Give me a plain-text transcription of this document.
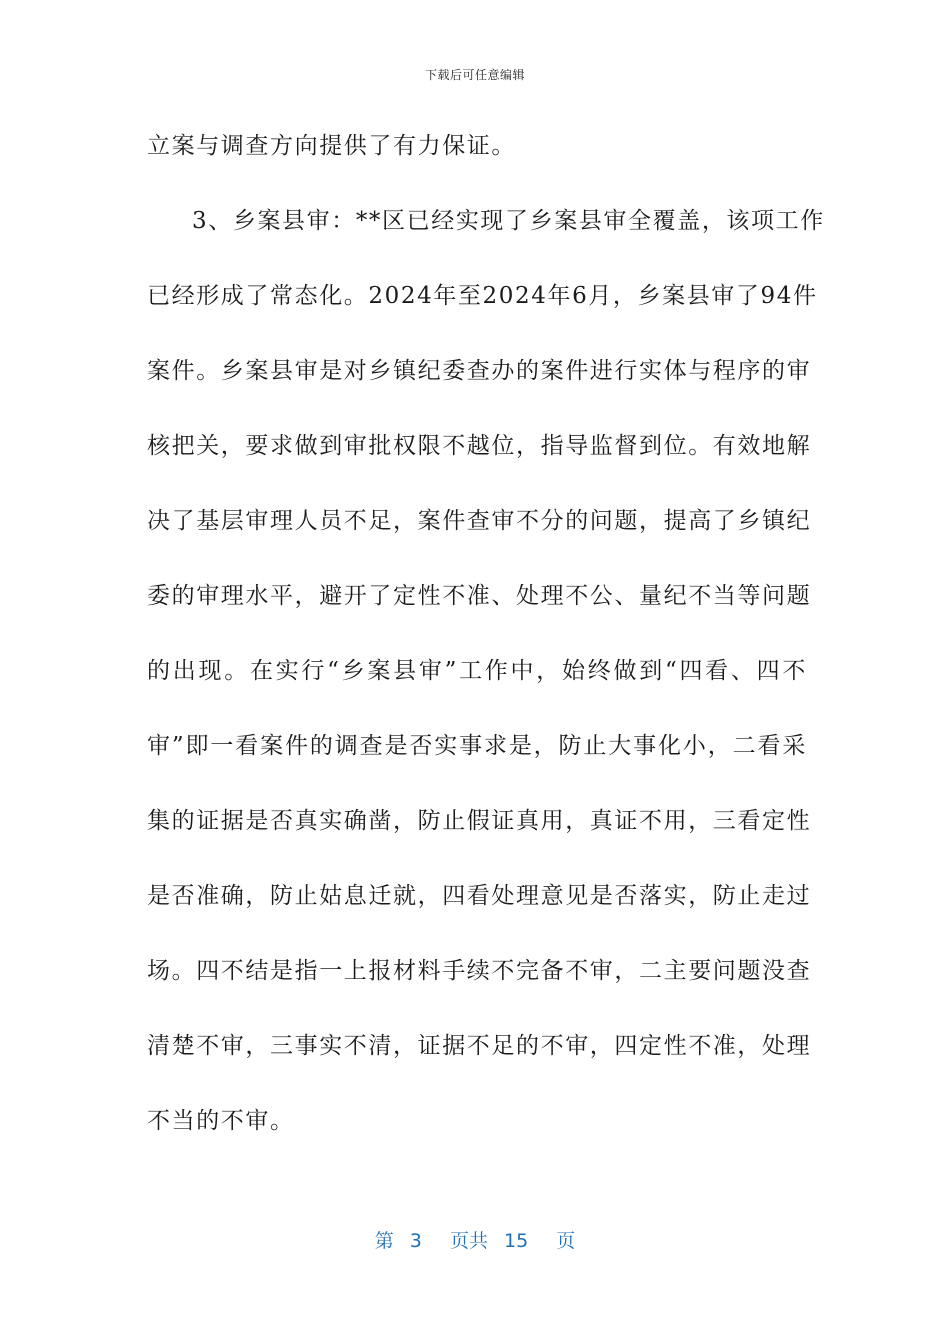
下载后可任意编辑
立案与调查方向提供了有力保证。
3、乡案县审：**区已经实现了乡案县审全覆盖，该项工作
已经形成了常态化。2024年至2024年6月，乡案县审了94件
案件。乡案县审是对乡镇纪委查办的案件进行实体与程序的审
核把关，要求做到审批权限不越位，指导监督到位。有效地解
决了基层审理人员不足，案件查审不分的问题，提高了乡镇纪
委的审理水平，避开了定性不准、处理不公、量纪不当等问题
的出现。在实行“乡案县审”工作中，始终做到“四看、四不
审”即一看案件的调查是否实事求是，防止大事化小，二看采
集的证据是否真实确凿，防止假证真用，真证不用，三看定性
是否准确，防止姑息迁就，四看处理意见是否落实，防止走过
场。四不结是指一上报材料手续不完备不审，二主要问题没查
清楚不审，三事实不清，证据不足的不审，四定性不准，处理
不当的不审。
第 3 页共 15 页
